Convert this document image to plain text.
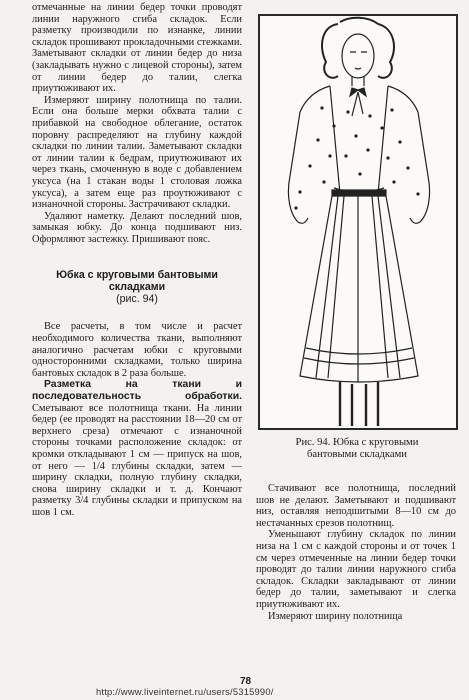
отмечанные на линии бедер точки проводят линии наружного сгиба складок. Если разметку производили по изнанке, линии складок прошивают прокладочными стежками. Заметывают складки от линии бедер до низа (закладывать нужно с лицевой стороны), затем от линии бедер до талии, слегка приутюживают их.

Измеряют ширину полотнища по талии. Если она больше мерки обхвата талии с прибавкой на свободное облегание, остаток поровну распределяют на глубину каждой складки по линии талии. Заметывают складки от линии талии к бедрам, приутюживают их через ткань, смоченную в воде с добавлением уксуса (на 1 стакан воды 1 столовая ложка уксуса), а затем еще раз проутюживают с изнаночной стороны. Застрачивают складки.

Удаляют наметку. Делают последний шов, замыкая юбку. До конца подшивают низ. Оформляют застежку. Пришивают пояс.

Юбка с круговыми бантовыми

складками

(рис. 94)

Все расчеты, в том числе и расчет необходимого количества ткани, выполняют аналогично расчетам юбки с круговыми односторонними складками, только ширина бантовых складок в 2 раза больше.

Разметка на ткани и последовательность обработки. Сметывают все полотнища ткани. На линии бедер (ее проводят на расстоянии 18—20 см от верхнего среза) отмечают с изнаночной стороны точками расположение складок: от кромки откладывают 1 см — припуск на шов, от него — 1/4 глубины складки, затем — ширину складки, полную глубину складки, снова ширину складки и т. д. Кончают разметку 3/4 глубины складки и припуском на шов 1 см.

Рис. 94. Юбка с круговыми
бантовыми складками

Стачивают все полотнища, последний шов не делают. Заметывают и подшивают низ, оставляя неподшитыми 8—10 см до нестачанных срезов полотнищ.

Уменьшают глубину складок по линии низа на 1 см с каждой стороны и от точек 1 см через отмеченные на линии бедер точки проводят до талии линии наружного сгиба складок. Складки закладывают от линии бедер до талии, заметывают и слегка приутюживают их.

Измеряют ширину полотнища

78
http://www.liveinternet.ru/users/5315990/
